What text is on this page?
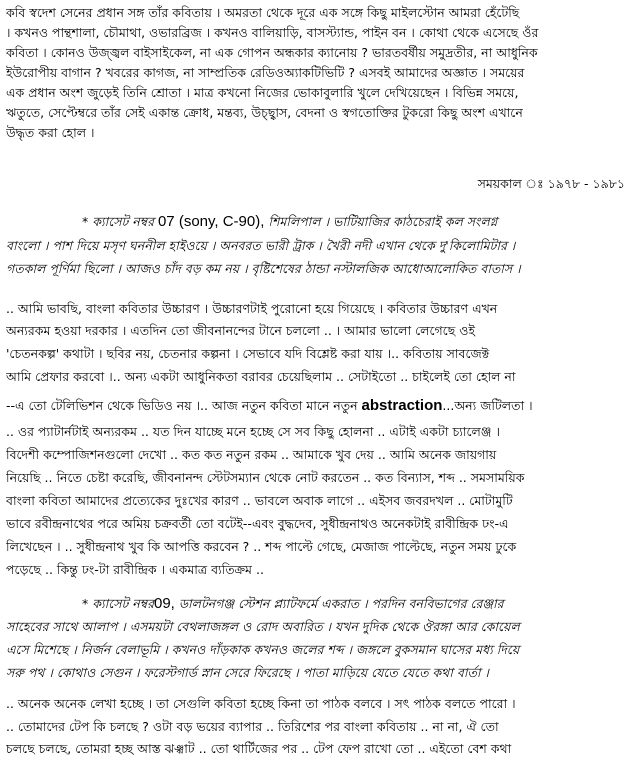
কবি স্বদেশ সেনের প্রধান সঙ্গ তাঁর কবিতায় । অমরতা থেকে দূরে এক সঙ্গে কিছু মাইলস্টোন আমরা হেঁটেছি
। কখনও পান্থশালা, চৌমাথা, ওভারব্রিজ । কখনও বালিয়াড়ি, বাসস্ট্যান্ড, পাইন বন । কোথা থেকে এসেছে ওঁর
কবিতা । কোনও উজ্জ্বল বাইসাইকেল, না এক গোপন অন্ধকার ক্যানোয় ? ভারতবর্ষীয় সমুদ্রতীর, না আধুনিক
ইউরোপীয় বাগান ? খবরের কাগজ, না সাম্প্রতিক রেডিওঅ্যাকটিভিটি ? এসবই আমাদের অজ্ঞাত । সময়ের
এক প্রধান অংশ জুড়েই তিনি শ্রোতা । মাত্র কখনো নিজের ভোকাবুলারি খুলে দেখিয়েছেন । বিভিন্ন সময়ে,
ঋতুতে, সেপ্টেম্বরে তাঁর সেই একান্ত ক্রোধ, মন্তব্য, উচ্ছ্বাস, বেদনা ও স্বগতোক্তির টুকরো কিছু অংশ এখানে
উদ্ধৃত করা হোল ।
সময়কাল ঃ ১৯৭৮ - ১৯৮১
* ক্যাসেট নম্বর 07 (sony, C-90), শিমলিপাল । ভাটিয়াজির কাঠচেরাই কল সংলগ্ন
বাংলো । পাশ দিয়ে মসৃণ ঘননীল হাইওয়ে । অনবরত ভারী ট্রাক । খৈরী নদী এখান থেকে দু'কিলোমিটার ।
গতকাল পূর্ণিমা ছিলো । আজও চাঁদ বড় কম নয় । বৃষ্টিশেষের ঠান্ডা নস্টালজিক আধোআলোকিত বাতাস ।
.. আমি ভাবছি, বাংলা কবিতার উচ্চারণ । উচ্চারণটাই পুরোনো হয়ে গিয়েছে । কবিতার উচ্চারণ এখন
অন্যরকম হওয়া দরকার । এতদিন তো জীবনানন্দের টানে চললো .. । আমার ভালো লেগেছে ওই
'চেতনকল্প' কথাটা । ছবির নয়, চেতনার কল্পনা । সেভাবে যদি বিশ্লেষ্ট করা যায় ।.. কবিতায় সাবজেক্ট
আমি প্রেফার করবো ।.. অন্য একটা আধুনিকতা বরাবর চেয়েছিলাম .. সেটাইতো .. চাইলেই তো হোল না
--এ তো টেলিভিশন থেকে ভিডিও নয় ।.. আজ নতুন কবিতা মানে নতুন abstraction...অন্য জটিলতা ।
.. ওর প্যাটার্নটাই অন্যরকম .. যত দিন যাচ্ছে মনে হচ্ছে সে সব কিছু হোলনা .. এটাই একটা চ্যালেঞ্জ ।
বিদেশী কম্পোজিশনগুলো দেখো .. কত কত নতুন রকম .. আমাকে খুব দেয় .. আমি অনেক জায়গায়
নিয়েছি .. নিতে চেষ্টা করেছি, জীবনানন্দ স্টেটসম্যান থেকে নোট করতেন .. কত বিন্যাস, শব্দ .. সমসাময়িক
বাংলা কবিতা আমাদের প্রত্যেকের দুঃখের কারণ .. ভাবলে অবাক লাগে .. এইসব জবরদখল .. মোটামুটি
ভাবে রবীন্দ্রনাথের পরে অমিয় চক্রবর্তী তো বটেই--এবং বুদ্ধদেব, সুধীন্দ্রনাথও অনেকটাই রাবীন্দ্রিক ঢং-এ
লিখেছেন । .. সুধীন্দ্রনাথ খুব কি আপত্তি করবেন ? .. শব্দ পাল্টে গেছে, মেজাজ পাল্টেছে, নতুন সময় ঢুকে
পড়েছে .. কিন্তু ঢং-টা রাবীন্দ্রিক । একমাত্র ব্যতিক্রম ..
* ক্যাসেট নম্বর09, ডালটনগঞ্জ স্টেশন প্ল্যাটফর্মে একরাত । পরদিন বনবিভাগের রেঞ্জার
সাহেবের সাথে আলাপ । এসময়টা বেথলাজঙ্গল ও রোদ অবারিত । যখন দুদিক থেকে ঔরঙ্গা আর কোয়েল
এসে মিশেছে । নির্জন বেলাভূমি । কখনও দাঁড়কাক কখনও জলের শব্দ । জঙ্গলে বুকসমান ঘাসের মধ্য দিয়ে
সরু পথ । কোথাও সেগুন । ফরেস্টগার্ড স্নান সেরে ফিরেছে । পাতা মাড়িয়ে যেতে যেতে কথা বার্তা ।
.. অনেক অনেক লেখা হচ্ছে । তা সেগুলি কবিতা হচ্ছে কিনা তা পাঠক বলবে । সৎ পাঠক বলতে পারো ।
.. তোমাদের টেপ কি চলছে ? ওটা বড় ভয়ের ব্যাপার .. তিরিশের পর বাংলা কবিতায় .. না না, ঐ তো
চলছে চলছে, তোমরা হচ্ছ আস্ত ঝঞ্ঝাট .. তো থার্টিজের পর .. টেপ ফেপ রাখো তো .. এইতো বেশ কথা
